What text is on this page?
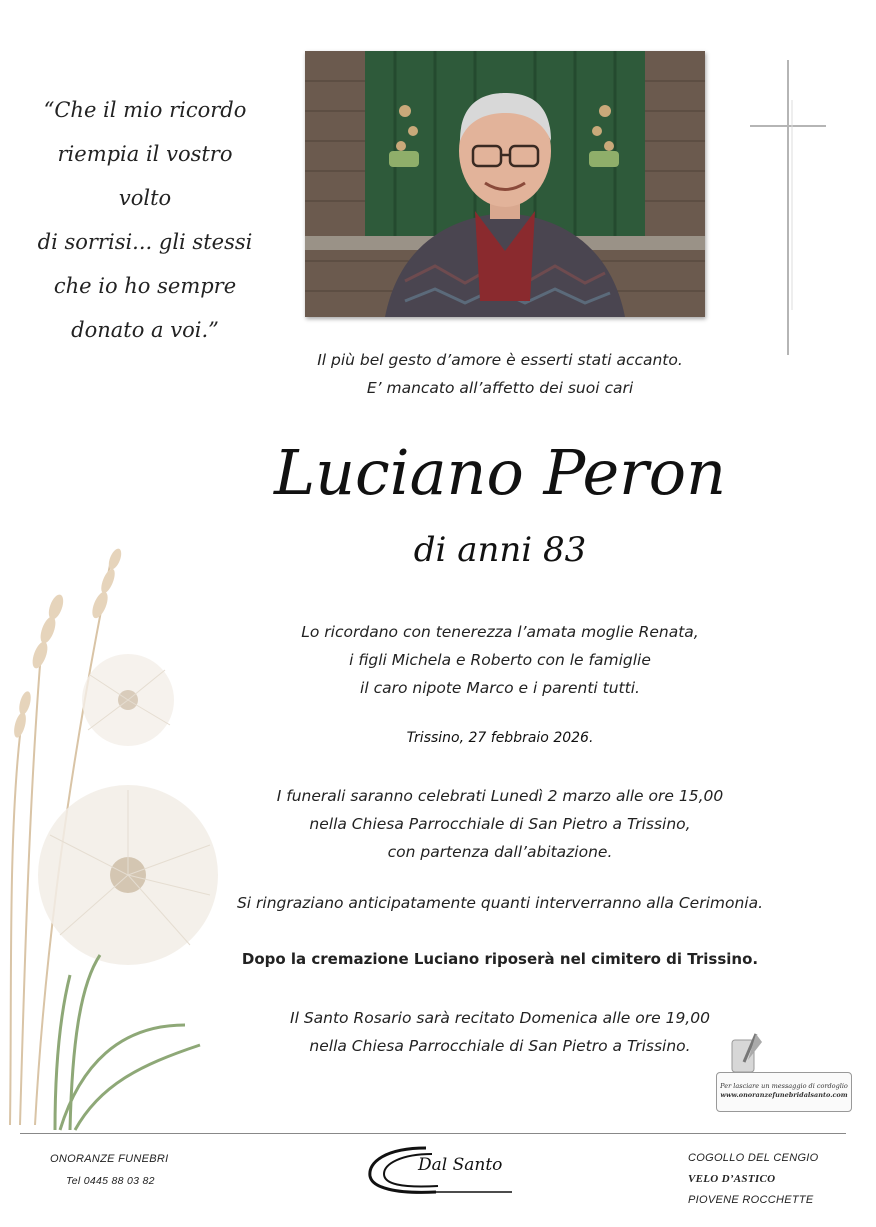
“Che il mio ricordo
riempia il vostro volto
di sorrisi... gli stessi
che io ho sempre
donato a voi.”
Il più bel gesto d’amore è esserti stati accanto.
E’ mancato all’affetto dei suoi cari
Luciano Peron
di anni 83
Lo ricordano con tenerezza l’amata moglie Renata,
i figli Michela e Roberto con le famiglie
il caro nipote Marco e i parenti tutti.
Trissino, 27 febbraio 2026.
I funerali saranno celebrati Lunedì 2 marzo alle ore 15,00
nella Chiesa Parrocchiale di San Pietro a Trissino,
con partenza dall’abitazione.
Si ringraziano anticipatamente quanti interverranno alla Cerimonia.
Dopo la cremazione Luciano riposerà nel cimitero di Trissino.
Il Santo Rosario sarà recitato Domenica alle ore 19,00
nella Chiesa Parrocchiale di San Pietro a Trissino.
Per lasciare un messaggio di cordoglio
www.onoranzefunebridalsanto.com
ONORANZE FUNEBRI
Tel 0445 88 03 82
Dal Santo	COGOLLO DEL CENGIO
VELO D’ASTICO
PIOVENE ROCCHETTE
